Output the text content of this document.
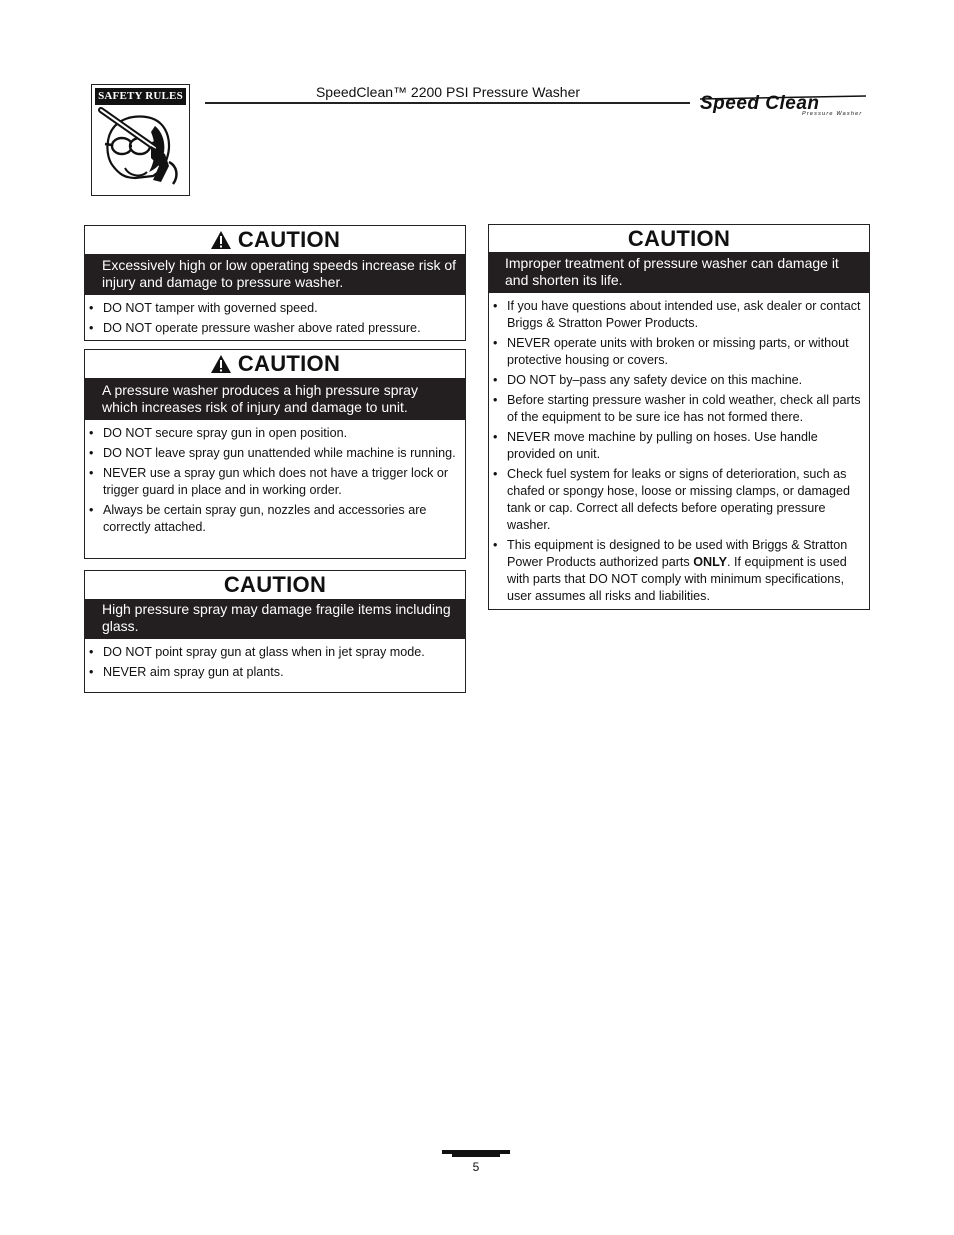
SAFETY RULES	SpeedClean™ 2200 PSI Pressure Washer
Speed Clean
Pressure Washer
CAUTION
Excessively high or low operating speeds increase risk of injury and damage to pressure washer.
• DO NOT tamper with governed speed.
• DO NOT operate pressure washer above rated pressure.
CAUTION
A pressure washer produces a high pressure spray which increases risk of injury and damage to unit.
• DO NOT secure spray gun in open position.
• DO NOT leave spray gun unattended while machine is running.
• NEVER use a spray gun which does not have a trigger lock or trigger guard in place and in working order.
• Always be certain spray gun, nozzles and accessories are correctly attached.
CAUTION
High pressure spray may damage fragile items including glass.
• DO NOT point spray gun at glass when in jet spray mode.
• NEVER aim spray gun at plants.
CAUTION
Improper treatment of pressure washer can damage it and shorten its life.
• If you have questions about intended use, ask dealer or contact Briggs & Stratton Power Products.
• NEVER operate units with broken or missing parts, or without protective housing or covers.
• DO NOT by–pass any safety device on this machine.
• Before starting pressure washer in cold weather, check all parts of the equipment to be sure ice has not formed there.
• NEVER move machine by pulling on hoses. Use handle provided on unit.
• Check fuel system for leaks or signs of deterioration, such as chafed or spongy hose, loose or missing clamps, or damaged tank or cap. Correct all defects before operating pressure washer.
• This equipment is designed to be used with Briggs & Stratton Power Products authorized parts ONLY. If equipment is used with parts that DO NOT comply with minimum specifications, user assumes all risks and liabilities.
5
